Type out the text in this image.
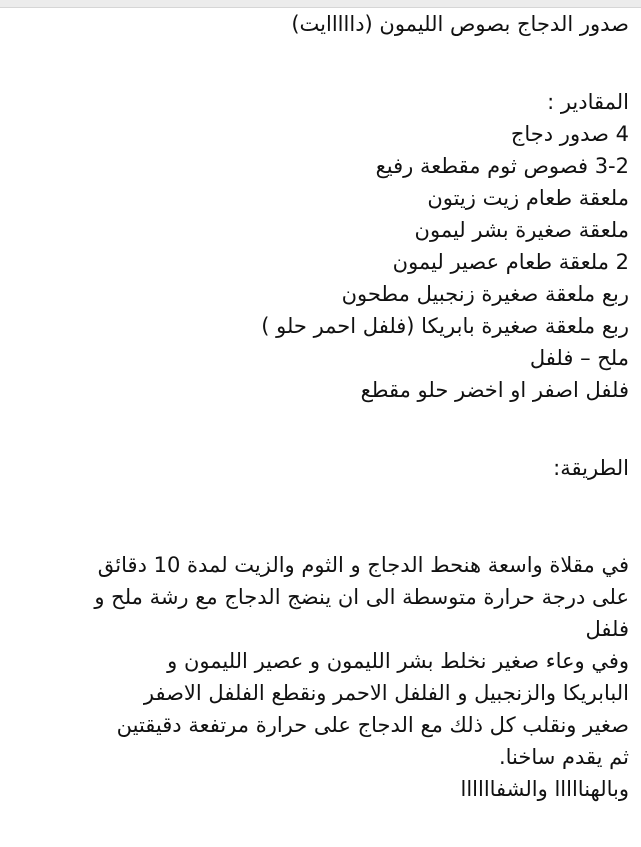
صدور الدجاج بصوص الليمون (دااااايت)
المقادير :
4 صدور دجاج
3-2 فصوص ثوم مقطعة رفيع
ملعقة طعام زيت زيتون
ملعقة صغيرة بشر ليمون
2 ملعقة طعام عصير ليمون
ربع ملعقة صغيرة زنجبيل مطحون
ربع ملعقة صغيرة بابريكا (فلفل احمر حلو )
ملح – فلفل
فلفل اصفر او اخضر حلو مقطع
الطريقة:
في مقلاة واسعة هنحط الدجاج و الثوم والزيت لمدة 10 دقائق
على درجة حرارة متوسطة الى ان ينضج الدجاج مع رشة ملح و
فلفل
وفي وعاء صغير نخلط بشر الليمون و عصير الليمون و
البابريكا والزنجبيل و الفلفل الاحمر ونقطع الفلفل الاصفر
صغير ونقلب كل ذلك مع الدجاج على حرارة مرتفعة دقيقتين
ثم يقدم ساخنا.
وبالهنااااا والشفاااااا
